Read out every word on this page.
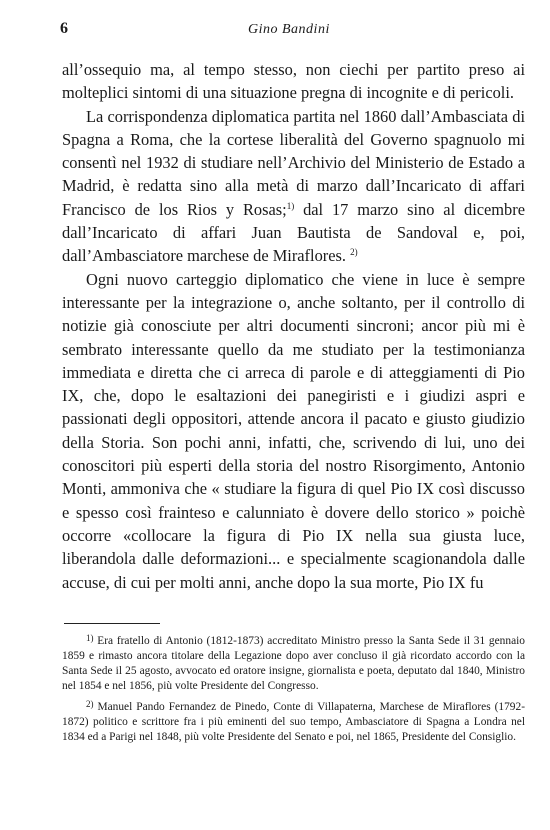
6	Gino Bandini

all’ossequio ma, al tempo stesso, non ciechi per partito preso ai molteplici sintomi di una situazione pregna di incognite e di pericoli.

La corrispondenza diplomatica partita nel 1860 dall’Ambasciata di Spagna a Roma, che la cortese liberalità del Governo spagnuolo mi consentì nel 1932 di studiare nell’Archivio del Ministerio de Estado a Madrid, è redatta sino alla metà di marzo dall’Incaricato di affari Francisco de los Rios y Rosas;$^{1)}$ dal 17 marzo sino al dicembre dall’Incaricato di affari Juan Bautista de Sandoval e, poi, dall’Ambasciatore marchese de Miraflores. $^{2)}$

Ogni nuovo carteggio diplomatico che viene in luce è sempre interessante per la integrazione o, anche soltanto, per il controllo di notizie già conosciute per altri documenti sincroni; ancor più mi è sembrato interessante quello da me studiato per la testimonianza immediata e diretta che ci arreca di parole e di atteggiamenti di Pio IX, che, dopo le esaltazioni dei panegiristi e i giudizi aspri e passionati degli oppositori, attende ancora il pacato e giusto giudizio della Storia. Son pochi anni, infatti, che, scrivendo di lui, uno dei conoscitori più esperti della storia del nostro Risorgimento, Antonio Monti, ammoniva che « studiare la figura di quel Pio IX così discusso e spesso così frainteso e calunniato è dovere dello storico » poichè occorre «collocare la figura di Pio IX nella sua giusta luce, liberandola dalle deformazioni... e specialmente scagionandola dalle accuse, di cui per molti anni, anche dopo la sua morte, Pio IX fu

$^{1)}$ Era fratello di Antonio (1812-1873) accreditato Ministro presso la Santa Sede il 31 gennaio 1859 e rimasto ancora titolare della Legazione dopo aver concluso il già ricordato accordo con la Santa Sede il 25 agosto, avvocato ed oratore insigne, giornalista e poeta, deputato dal 1840, Ministro nel 1854 e nel 1856, più volte Presidente del Congresso.

$^{2)}$ Manuel Pando Fernandez de Pinedo, Conte di Villapaterna, Marchese de Miraflores (1792-1872) politico e scrittore fra i più eminenti del suo tempo, Ambasciatore di Spagna a Londra nel 1834 ed a Parigi nel 1848, più volte Presidente del Senato e poi, nel 1865, Presidente del Consiglio.
